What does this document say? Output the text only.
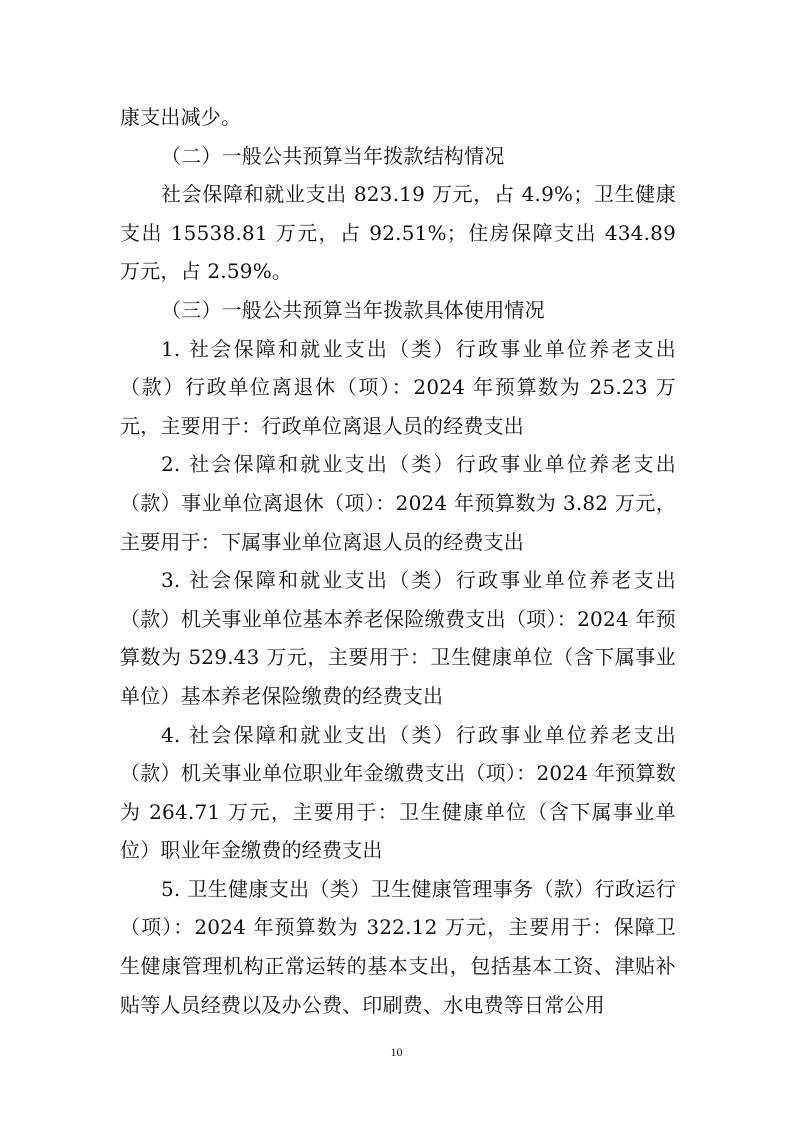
康支出减少。

（二）一般公共预算当年拨款结构情况

社会保障和就业支出 823.19 万元，占 4.9%；卫生健康支出 15538.81 万元，占 92.51%；住房保障支出 434.89 万元，占 2.59%。

（三）一般公共预算当年拨款具体使用情况

1. 社会保障和就业支出（类）行政事业单位养老支出（款）行政单位离退休（项）：2024 年预算数为 25.23 万元，主要用于：行政单位离退人员的经费支出

2. 社会保障和就业支出（类）行政事业单位养老支出（款）事业单位离退休（项）：2024 年预算数为 3.82 万元，主要用于：下属事业单位离退人员的经费支出

3. 社会保障和就业支出（类）行政事业单位养老支出（款）机关事业单位基本养老保险缴费支出（项）：2024 年预算数为 529.43 万元，主要用于：卫生健康单位（含下属事业单位）基本养老保险缴费的经费支出

4. 社会保障和就业支出（类）行政事业单位养老支出（款）机关事业单位职业年金缴费支出（项）：2024 年预算数为 264.71 万元，主要用于：卫生健康单位（含下属事业单位）职业年金缴费的经费支出

5. 卫生健康支出（类）卫生健康管理事务（款）行政运行（项）：2024 年预算数为 322.12 万元，主要用于：保障卫生健康管理机构正常运转的基本支出，包括基本工资、津贴补贴等人员经费以及办公费、印刷费、水电费等日常公用

10
